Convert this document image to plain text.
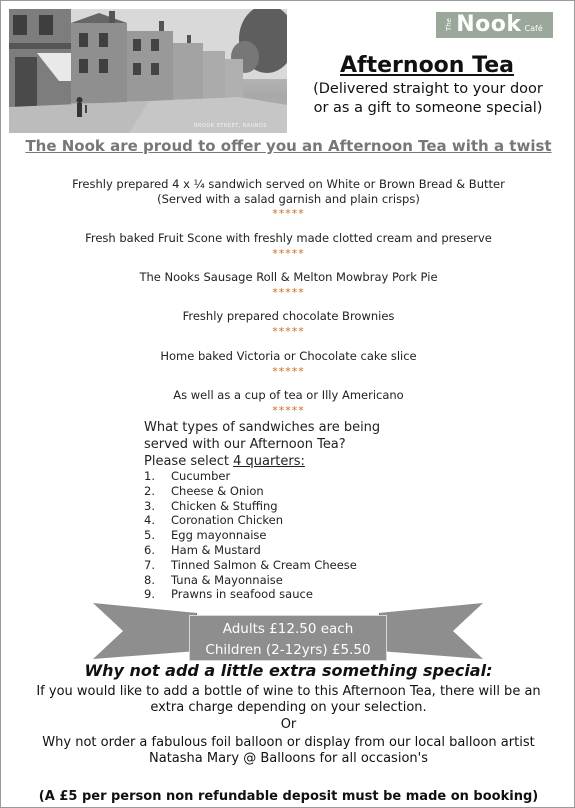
BROOK STREET, RAUNDS
The Nook Café
Afternoon Tea
(Delivered straight to your door
or as a gift to someone special)
The Nook are proud to offer you an Afternoon Tea with a twist
Freshly prepared 4 x ¼ sandwich served on White or Brown Bread & Butter
(Served with a salad garnish and plain crisps)
*****
Fresh baked Fruit Scone with freshly made clotted cream and preserve
*****
The Nooks Sausage Roll & Melton Mowbray Pork Pie
*****
Freshly prepared chocolate Brownies
*****
Home baked Victoria or Chocolate cake slice
*****
As well as a cup of tea or Illy Americano
*****
What types of sandwiches are being
served with our Afternoon Tea?
Please select 4 quarters:
1.	Cucumber
2.	Cheese & Onion
3.	Chicken & Stuffing
4.	Coronation Chicken
5.	Egg mayonnaise
6.	Ham & Mustard
7.	Tinned Salmon & Cream Cheese
8.	Tuna & Mayonnaise
9.	Prawns in seafood sauce
Adults £12.50 each
Children (2-12yrs) £5.50
Why not add a little extra something special:
If you would like to add a bottle of wine to this Afternoon Tea, there will be an
extra charge depending on your selection.
Or
Why not order a fabulous foil balloon or display from our local balloon artist
Natasha Mary @ Balloons for all occasion's
(A £5 per person non refundable deposit must be made on booking)
